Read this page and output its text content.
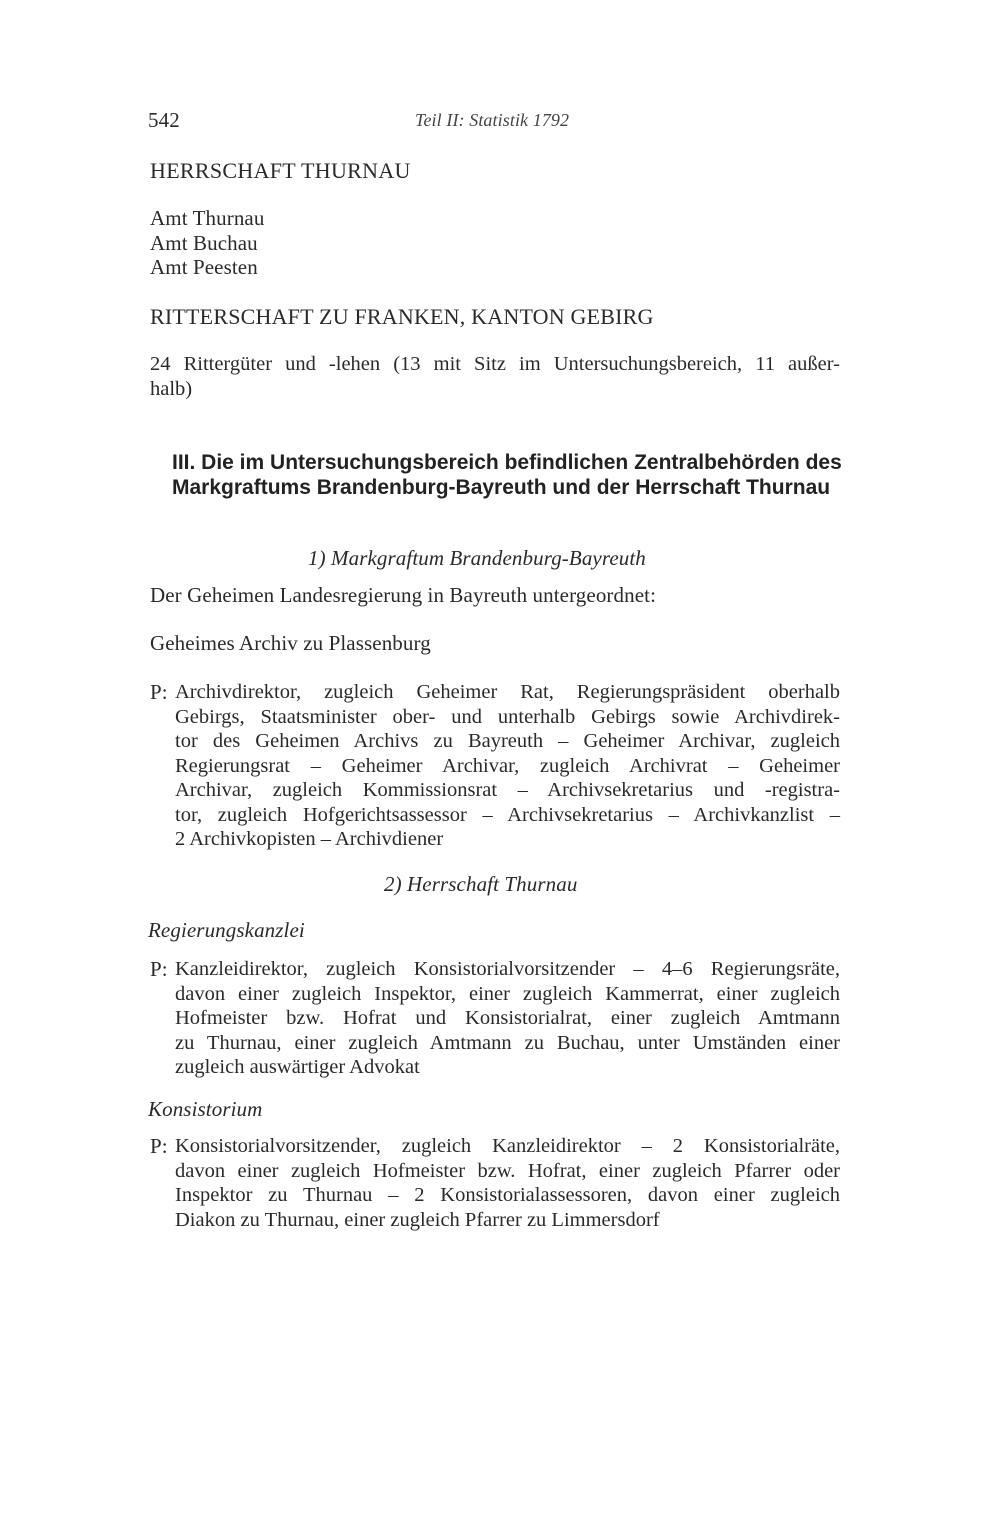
542	Teil II: Statistik 1792
HERRSCHAFT THURNAU
Amt Thurnau
Amt Buchau
Amt Peesten
RITTERSCHAFT ZU FRANKEN, KANTON GEBIRG
24 Rittergüter und -lehen (13 mit Sitz im Untersuchungsbereich, 11 außer-
halb)
III. Die im Untersuchungsbereich befindlichen Zentralbehörden des
Markgraftums Brandenburg-Bayreuth und der Herrschaft Thurnau
1) Markgraftum Brandenburg-Bayreuth
Der Geheimen Landesregierung in Bayreuth untergeordnet:
Geheimes Archiv zu Plassenburg
P: Archivdirektor, zugleich Geheimer Rat, Regierungspräsident oberhalb
Gebirgs, Staatsminister ober- und unterhalb Gebirgs sowie Archivdirek-
tor des Geheimen Archivs zu Bayreuth – Geheimer Archivar, zugleich
Regierungsrat – Geheimer Archivar, zugleich Archivrat – Geheimer
Archivar, zugleich Kommissionsrat – Archivsekretarius und -registra-
tor, zugleich Hofgerichtsassessor – Archivsekretarius – Archivkanzlist –
2 Archivkopisten – Archivdiener
2) Herrschaft Thurnau
Regierungskanzlei
P: Kanzleidirektor, zugleich Konsistorialvorsitzender – 4–6 Regierungsräte,
davon einer zugleich Inspektor, einer zugleich Kammerrat, einer zugleich
Hofmeister bzw. Hofrat und Konsistorialrat, einer zugleich Amtmann
zu Thurnau, einer zugleich Amtmann zu Buchau, unter Umständen einer
zugleich auswärtiger Advokat
Konsistorium
P: Konsistorialvorsitzender, zugleich Kanzleidirektor – 2 Konsistorialräte,
davon einer zugleich Hofmeister bzw. Hofrat, einer zugleich Pfarrer oder
Inspektor zu Thurnau – 2 Konsistorialassessoren, davon einer zugleich
Diakon zu Thurnau, einer zugleich Pfarrer zu Limmersdorf
